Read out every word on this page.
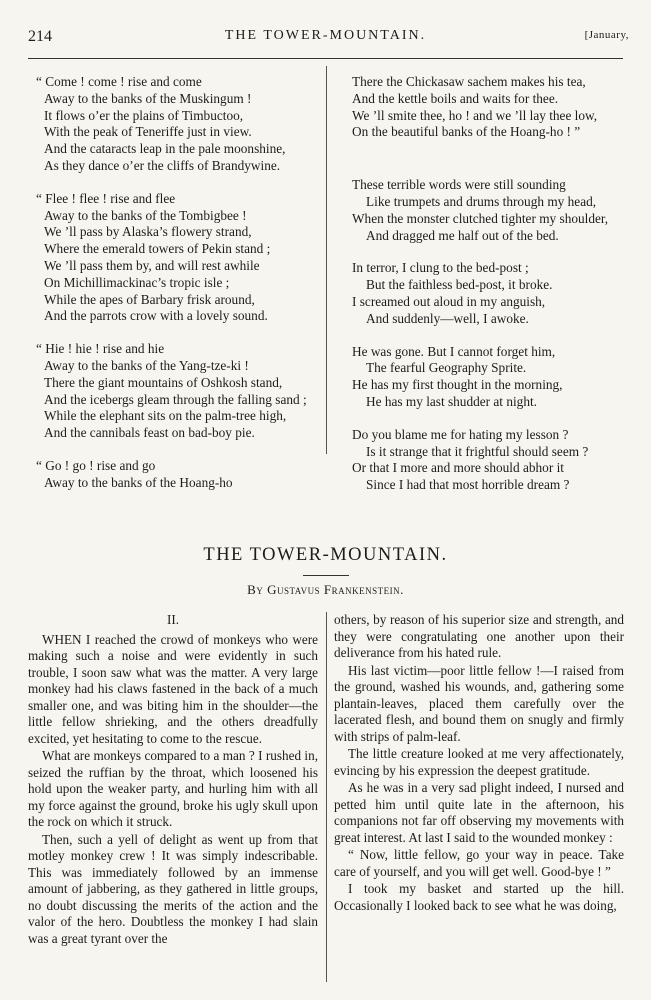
214	THE TOWER-MOUNTAIN.	[January,

“ Come ! come ! rise and come
Away to the banks of the Muskingum !
It flows o’er the plains of Timbuctoo,
With the peak of Teneriffe just in view.
And the cataracts leap in the pale moonshine,
As they dance o’er the cliffs of Brandywine.

“ Flee ! flee ! rise and flee
Away to the banks of the Tombigbee !
We ’ll pass by Alaska’s flowery strand,
Where the emerald towers of Pekin stand ;
We ’ll pass them by, and will rest awhile
On Michillimackinac’s tropic isle ;
While the apes of Barbary frisk around,
And the parrots crow with a lovely sound.

“ Hie ! hie ! rise and hie
Away to the banks of the Yang-tze-ki !
There the giant mountains of Oshkosh stand,
And the icebergs gleam through the falling sand ;
While the elephant sits on the palm-tree high,
And the cannibals feast on bad-boy pie.

“ Go ! go ! rise and go
Away to the banks of the Hoang-ho

There the Chickasaw sachem makes his tea,
And the kettle boils and waits for thee.
We ’ll smite thee, ho ! and we ’ll lay thee low,
On the beautiful banks of the Hoang-ho ! ”

These terrible words were still sounding
Like trumpets and drums through my head,
When the monster clutched tighter my shoulder,
And dragged me half out of the bed.

In terror, I clung to the bed-post ;
But the faithless bed-post, it broke.
I screamed out aloud in my anguish,
And suddenly—well, I awoke.

He was gone. But I cannot forget him,
The fearful Geography Sprite.
He has my first thought in the morning,
He has my last shudder at night.

Do you blame me for hating my lesson ?
Is it strange that it frightful should seem ?
Or that I more and more should abhor it
Since I had that most horrible dream ?

THE TOWER-MOUNTAIN.
By Gustavus Frankenstein.
II.

WHEN I reached the crowd of monkeys who were making such a noise and were evidently in such trouble, I soon saw what was the matter. A very large monkey had his claws fastened in the back of a much smaller one, and was biting him in the shoulder—the little fellow shrieking, and the others dreadfully excited, yet hesitating to come to the rescue.

What are monkeys compared to a man ? I rushed in, seized the ruffian by the throat, which loosened his hold upon the weaker party, and hurling him with all my force against the ground, broke his ugly skull upon the rock on which it struck.

Then, such a yell of delight as went up from that motley monkey crew ! It was simply indescribable. This was immediately followed by an immense amount of jabbering, as they gathered in little groups, no doubt discussing the merits of the action and the valor of the hero. Doubtless the monkey I had slain was a great tyrant over the

others, by reason of his superior size and strength, and they were congratulating one another upon their deliverance from his hated rule.

His last victim—poor little fellow !—I raised from the ground, washed his wounds, and, gathering some plantain-leaves, placed them carefully over the lacerated flesh, and bound them on snugly and firmly with strips of palm-leaf.

The little creature looked at me very affectionately, evincing by his expression the deepest gratitude.

As he was in a very sad plight indeed, I nursed and petted him until quite late in the afternoon, his companions not far off observing my movements with great interest. At last I said to the wounded monkey :

“ Now, little fellow, go your way in peace. Take care of yourself, and you will get well. Good-bye ! ”

I took my basket and started up the hill. Occasionally I looked back to see what he was doing,
